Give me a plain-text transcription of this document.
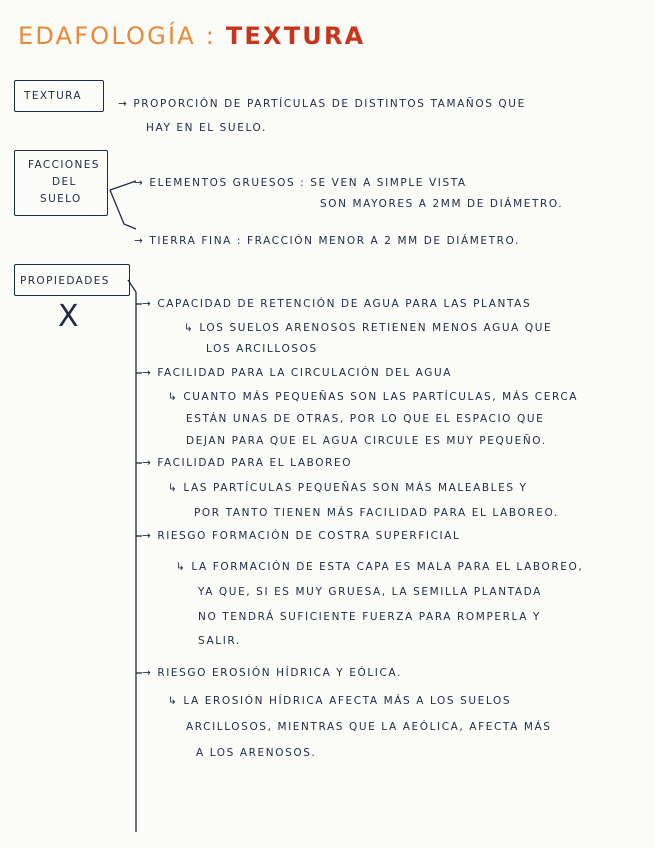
EDAFOLOGÍA : TEXTURA
TEXTURA
→ PROPORCIÓN DE PARTÍCULAS DE DISTINTOS TAMAÑOS QUE
HAY EN EL SUELO.
FACCIONES
DEL
SUELO
→ ELEMENTOS GRUESOS : SE VEN A SIMPLE VISTA
SON MAYORES A 2MM DE DIÁMETRO.
→ TIERRA FINA : FRACCIÓN MENOR A 2 MM DE DIÁMETRO.
PROPIEDADES
X	→ CAPACIDAD DE RETENCIÓN DE AGUA PARA LAS PLANTAS
↳ LOS SUELOS ARENOSOS RETIENEN MENOS AGUA QUE
LOS ARCILLOSOS
→ FACILIDAD PARA LA CIRCULACIÓN DEL AGUA
↳ CUANTO MÁS PEQUEÑAS SON LAS PARTÍCULAS, MÁS CERCA
ESTÁN UNAS DE OTRAS, POR LO QUE EL ESPACIO QUE
DEJAN PARA QUE EL AGUA CIRCULE ES MUY PEQUEÑO.
→ FACILIDAD PARA EL LABOREO
↳ LAS PARTÍCULAS PEQUEÑAS SON MÁS MALEABLES Y
POR TANTO TIENEN MÁS FACILIDAD PARA EL LABOREO.
→ RIESGO FORMACIÓN DE COSTRA SUPERFICIAL
↳ LA FORMACIÓN DE ESTA CAPA ES MALA PARA EL LABOREO,
YA QUE, SI ES MUY GRUESA, LA SEMILLA PLANTADA
NO TENDRÁ SUFICIENTE FUERZA PARA ROMPERLA Y
SALIR.
→ RIESGO EROSIÓN HÍDRICA Y EÓLICA.
↳ LA EROSIÓN HÍDRICA AFECTA MÁS A LOS SUELOS
ARCILLOSOS, MIENTRAS QUE LA AEÓLICA, AFECTA MÁS
A LOS ARENOSOS.
